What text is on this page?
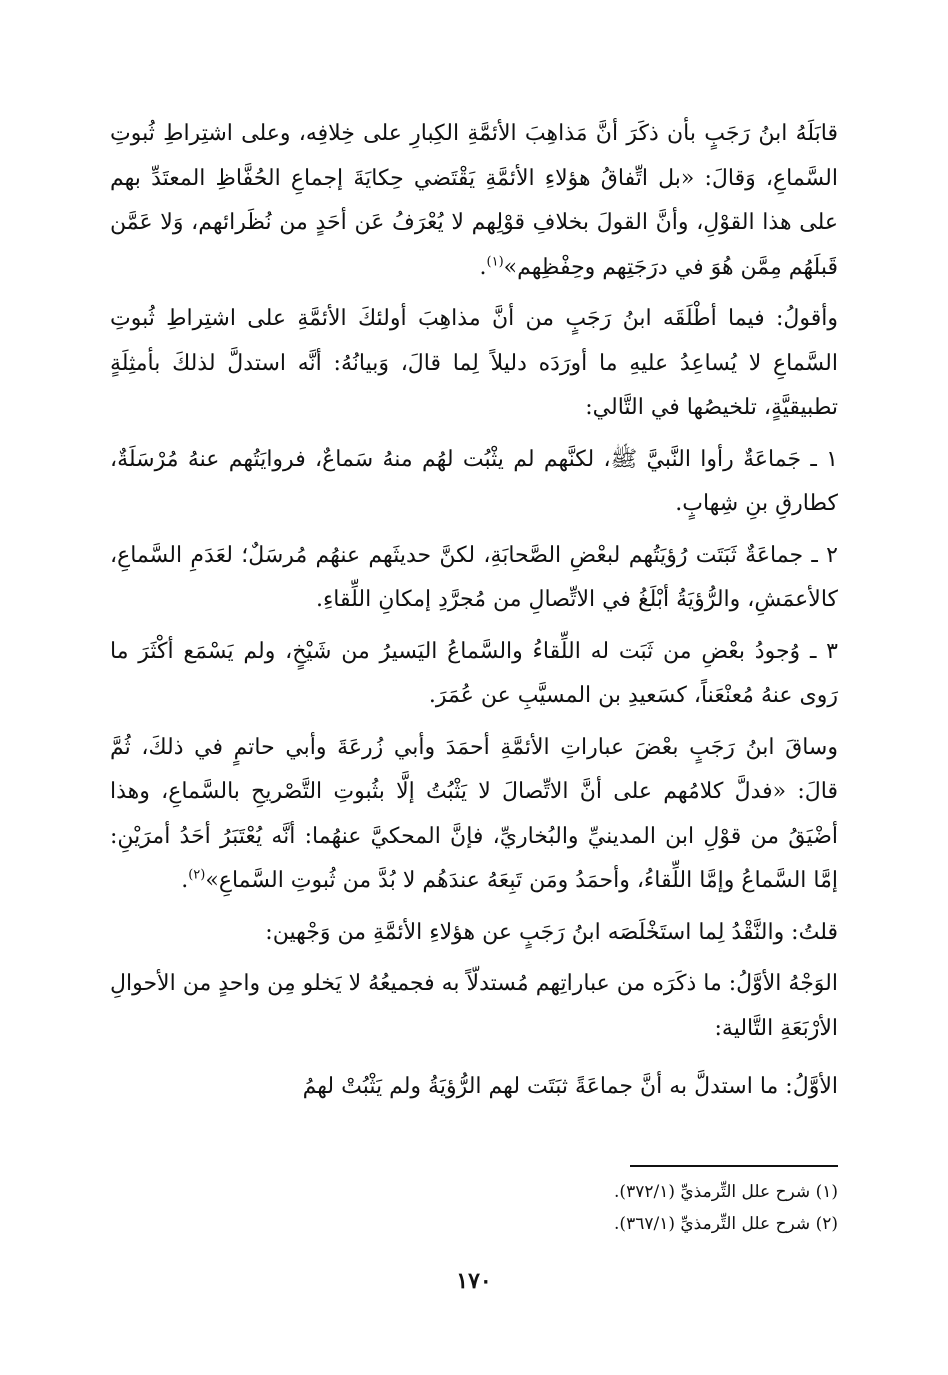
قابَلَهُ ابنُ رَجَبٍ بأن ذكَرَ أنَّ مَذاهِبَ الأئمَّةِ الكِبارِ على خِلافِه، وعلى اشتِراطِ ثُبوتِ السَّماعِ، وَقالَ: «بل اتِّفاقُ هؤلاءِ الأئمَّةِ يَقْتَضي حِكايَةَ إجماعِ الحُفَّاظِ المعتَدِّ بهم على هذا القوْلِ، وأنَّ القولَ بخلافِ قوْلِهم لا يُعْرَفُ عَن أحَدٍ من نُظَرائهم، وَلا عَمَّن قَبلَهُم مِمَّن هُوَ في درَجَتِهم وحِفْظِهم»$^{(١)}$.

وأقولُ: فيما أطْلَقَه ابنُ رَجَبٍ من أنَّ مذاهِبَ أولئكَ الأئمَّةِ على اشتِراطِ ثُبوتِ السَّماعِ لا يُساعِدُ عليهِ ما أورَدَه دليلاً لِما قالَ، وَبيانُهُ: أنَّه استدلَّ لذلكَ بأمثِلَةٍ تطبيقيَّةٍ، تلخيصُها في التَّالي:

١ ـ جَماعَةٌ رأوا النَّبيَّ ﷺ، لكنَّهم لم يثْبُت لهُم منهُ سَماعٌ، فروايَتُهم عنهُ مُرْسَلَةٌ، كطارقِ بنِ شِهابٍ.

٢ ـ جماعَةٌ ثَبَتَت رُؤيَتُهم لبعْضِ الصَّحابَةِ، لكنَّ حديثَهم عنهُم مُرسَلٌ؛ لعَدَمِ السَّماعِ، كالأعمَشِ، والرُّؤيَةُ أبْلَغُ في الاتِّصالِ من مُجرَّدِ إمكانِ اللِّقاءِ.

٣ ـ وُجودُ بعْضِ من ثَبَت له اللِّقاءُ والسَّماعُ اليَسيرُ من شَيْخٍ، ولم يَسْمَع أكْثَرَ ما رَوى عنهُ مُعنْعَناً، كسَعيدِ بن المسيَّبِ عن عُمَرَ.

وساقَ ابنُ رَجَبٍ بعْضَ عباراتِ الأئمَّةِ أحمَدَ وأبي زُرعَةَ وأبي حاتمٍ في ذلكَ، ثُمَّ قالَ: «فدلَّ كلامُهم على أنَّ الاتِّصالَ لا يَثْبُتُ إلَّا بثُبوتِ التَّصْريحِ بالسَّماعِ، وهذا أضْيَقُ من قوْلِ ابن المدينيِّ والبُخاريِّ، فإنَّ المحكيَّ عنهُما: أنَّه يُعْتَبَرُ أحَدُ أمرَيْنِ: إمَّا السَّماعُ وإمَّا اللِّقاءُ، وأحمَدُ ومَن تَبِعَهُ عندَهُم لا بُدَّ من ثُبوتِ السَّماعِ»$^{(٢)}$.

قلتُ: والنَّقْدُ لِما استَخْلَصَه ابنُ رَجَبٍ عن هؤلاءِ الأئمَّةِ من وَجْهين:

الوَجْهُ الأوَّلُ: ما ذكَرَه من عباراتِهم مُستدلّاً به فجميعُهُ لا يَخلو مِن واحدٍ من الأحوالِ الأرْبَعَةِ التَّالية:

الأوَّلُ: ما استدلَّ به أنَّ جماعَةً ثبَتَت لهم الرُّؤيَةُ ولم يَثْبُتْ لهمُ

(١) شرح علل التِّرمذيِّ (٣٧٢/١).
(٢) شرح علل التِّرمذيِّ (٣٦٧/١).
١٧٠
